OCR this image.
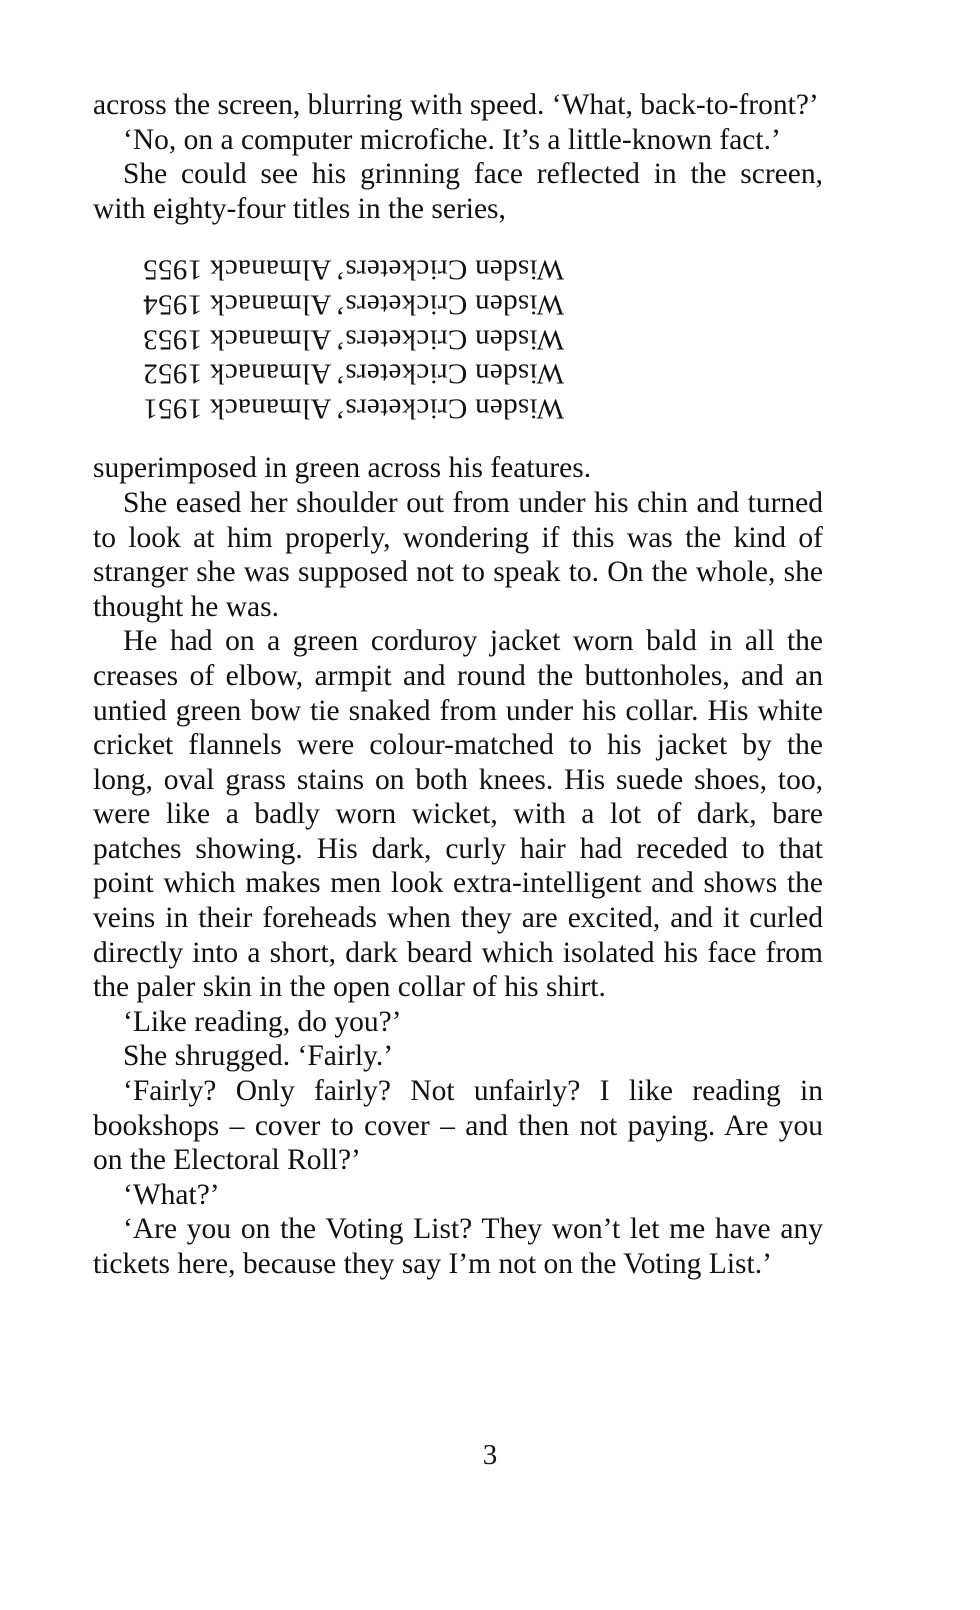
across the screen, blurring with speed. ‘What, back-to-front?’

‘No, on a computer microfiche. It’s a little-known fact.’

She could see his grinning face reflected in the screen, with eighty-four titles in the series,

Wisden Cricketers’ Almanack 1955
Wisden Cricketers’ Almanack 1954
Wisden Cricketers’ Almanack 1953
Wisden Cricketers’ Almanack 1952
Wisden Cricketers’ Almanack 1951

superimposed in green across his features.

She eased her shoulder out from under his chin and turned to look at him properly, wondering if this was the kind of stranger she was supposed not to speak to. On the whole, she thought he was.

He had on a green corduroy jacket worn bald in all the creases of elbow, armpit and round the buttonholes, and an untied green bow tie snaked from under his collar. His white cricket flannels were colour-matched to his jacket by the long, oval grass stains on both knees. His suede shoes, too, were like a badly worn wicket, with a lot of dark, bare patches showing. His dark, curly hair had receded to that point which makes men look extra-intelligent and shows the veins in their foreheads when they are excited, and it curled directly into a short, dark beard which isolated his face from the paler skin in the open collar of his shirt.

‘Like reading, do you?’

She shrugged. ‘Fairly.’

‘Fairly? Only fairly? Not unfairly? I like reading in bookshops – cover to cover – and then not paying. Are you on the Electoral Roll?’

‘What?’

‘Are you on the Voting List? They won’t let me have any tickets here, because they say I’m not on the Voting List.’

3
